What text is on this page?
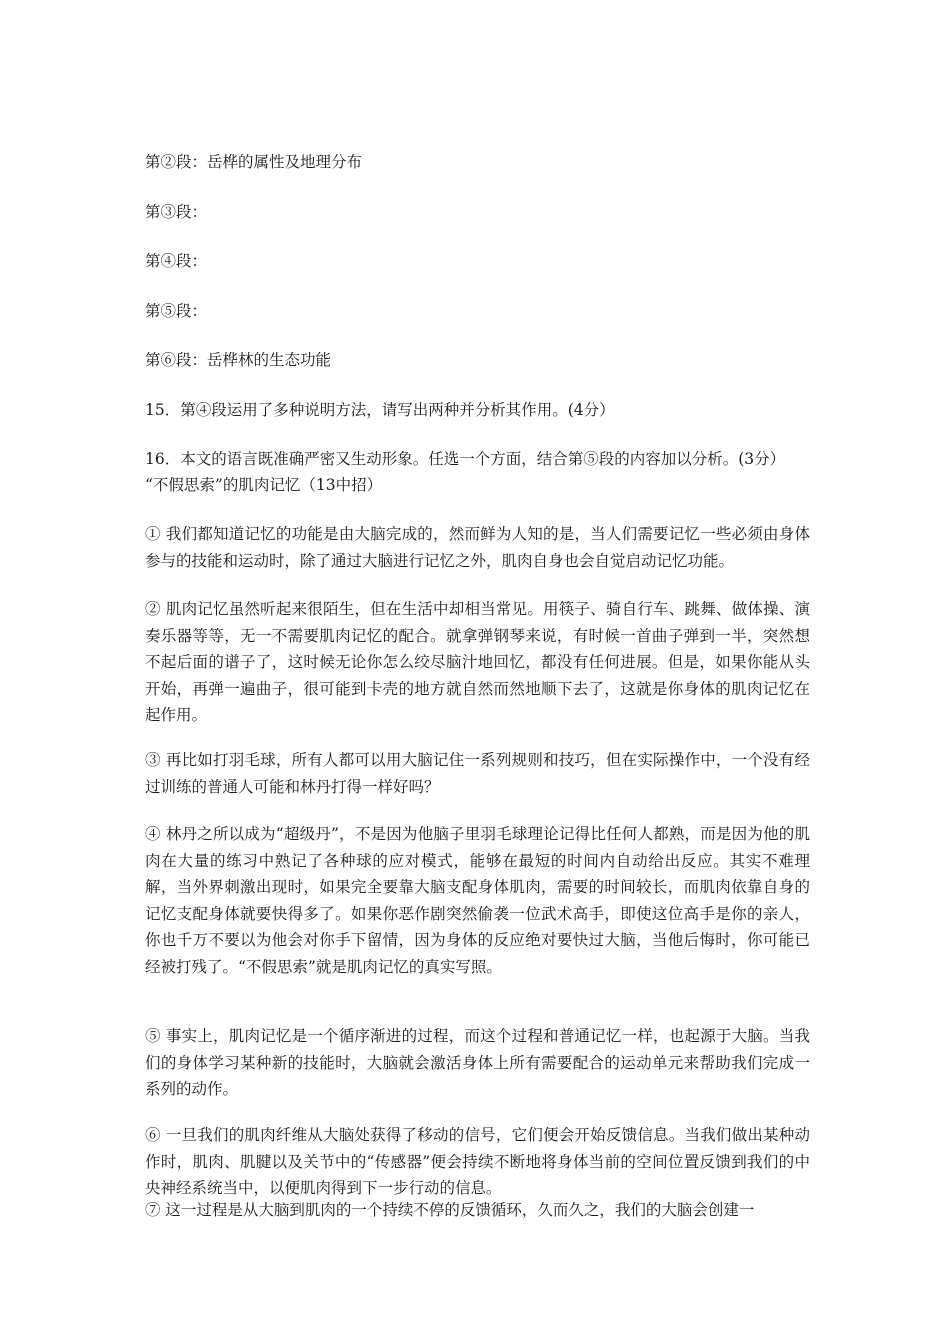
第②段：岳桦的属性及地理分布
第③段：
第④段：
第⑤段：
第⑥段：岳桦林的生态功能
15．第④段运用了多种说明方法，请写出两种并分析其作用。(4分）
16．本文的语言既准确严密又生动形象。任选一个方面，结合第⑤段的内容加以分析。(3分）
“不假思索”的肌肉记忆（13中招）
① 我们都知道记忆的功能是由大脑完成的，然而鲜为人知的是，当人们需要记忆一些必须由身体参与的技能和运动时，除了通过大脑进行记忆之外，肌肉自身也会自觉启动记忆功能。
② 肌肉记忆虽然听起来很陌生，但在生活中却相当常见。用筷子、骑自行车、跳舞、做体操、演奏乐器等等，无一不需要肌肉记忆的配合。就拿弹钢琴来说，有时候一首曲子弹到一半，突然想不起后面的谱子了，这时候无论你怎么绞尽脑汁地回忆，都没有任何进展。但是，如果你能从头开始，再弹一遍曲子，很可能到卡壳的地方就自然而然地顺下去了，这就是你身体的肌肉记忆在起作用。
③ 再比如打羽毛球，所有人都可以用大脑记住一系列规则和技巧，但在实际操作中，一个没有经过训练的普通人可能和林丹打得一样好吗？
④ 林丹之所以成为“超级丹”，不是因为他脑子里羽毛球理论记得比任何人都熟，而是因为他的肌肉在大量的练习中熟记了各种球的应对模式，能够在最短的时间内自动给出反应。其实不难理解，当外界刺激出现时，如果完全要靠大脑支配身体肌肉，需要的时间较长，而肌肉依靠自身的记忆支配身体就要快得多了。如果你恶作剧突然偷袭一位武术高手，即使这位高手是你的亲人，你也千万不要以为他会对你手下留情，因为身体的反应绝对要快过大脑，当他后悔时，你可能已经被打残了。“不假思索”就是肌肉记忆的真实写照。
⑤ 事实上，肌肉记忆是一个循序渐进的过程，而这个过程和普通记忆一样，也起源于大脑。当我们的身体学习某种新的技能时，大脑就会激活身体上所有需要配合的运动单元来帮助我们完成一系列的动作。
⑥ 一旦我们的肌肉纤维从大脑处获得了移动的信号，它们便会开始反馈信息。当我们做出某种动作时，肌肉、肌腱以及关节中的“传感器”便会持续不断地将身体当前的空间位置反馈到我们的中央神经系统当中，以便肌肉得到下一步行动的信息。
⑦ 这一过程是从大脑到肌肉的一个持续不停的反馈循环，久而久之，我们的大脑会创建一
